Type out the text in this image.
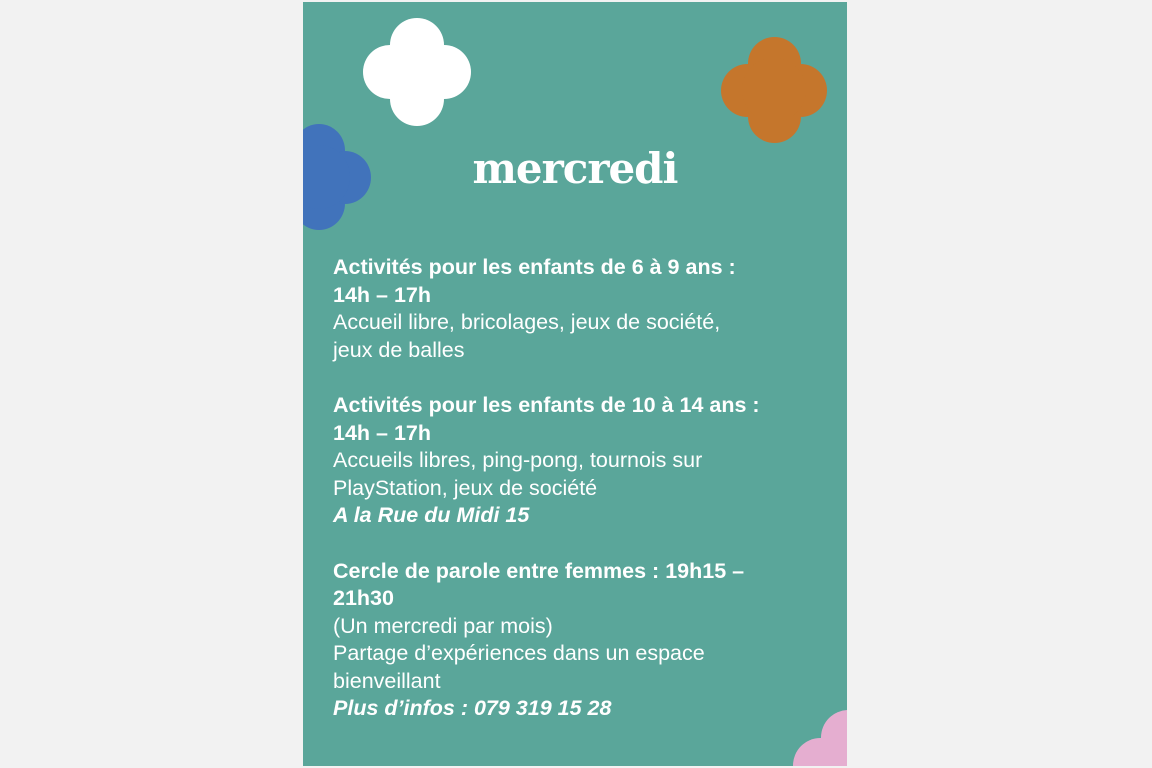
mercredi
Activités pour les enfants de 6 à 9 ans :
14h – 17h
Accueil libre, bricolages, jeux de société,
jeux de balles
Activités pour les enfants de 10 à 14 ans :
14h – 17h
Accueils libres, ping-pong, tournois sur
PlayStation, jeux de société
A la Rue du Midi 15
Cercle de parole entre femmes : 19h15 –
21h30
(Un mercredi par mois)
Partage d’expériences dans un espace
bienveillant
Plus d’infos : 079 319 15 28
